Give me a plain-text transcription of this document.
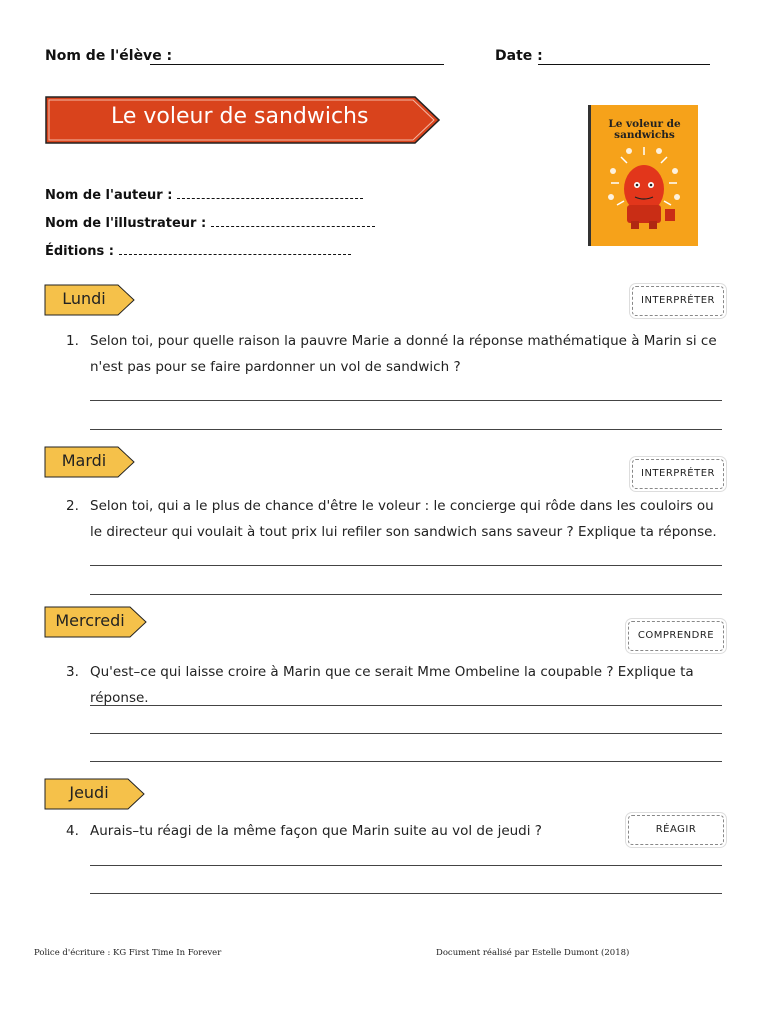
Nom de l'élève :	Date :
Le voleur de sandwichs
Nom de l'auteur :
Nom de l'illustrateur :
Éditions :
Le voleur de
sandwichs
Lundi	INTERPRÉTER
1. Selon toi, pour quelle raison la pauvre Marie a donné la réponse mathématique à Marin si ce n'est pas pour se faire pardonner un vol de sandwich ?
Mardi
INTERPRÉTER
2. Selon toi, qui a le plus de chance d'être le voleur : le concierge qui rôde dans les couloirs ou le directeur qui voulait à tout prix lui refiler son sandwich sans saveur ? Explique ta réponse.
Mercredi
COMPRENDRE
3. Qu'est–ce qui laisse croire à Marin que ce serait Mme Ombeline la coupable ? Explique ta réponse.
Jeudi
RÉAGIR
4. Aurais–tu réagi de la même façon que Marin suite au vol de jeudi ?
Police d'écriture : KG First Time In Forever	Document réalisé par Estelle Dumont (2018)
